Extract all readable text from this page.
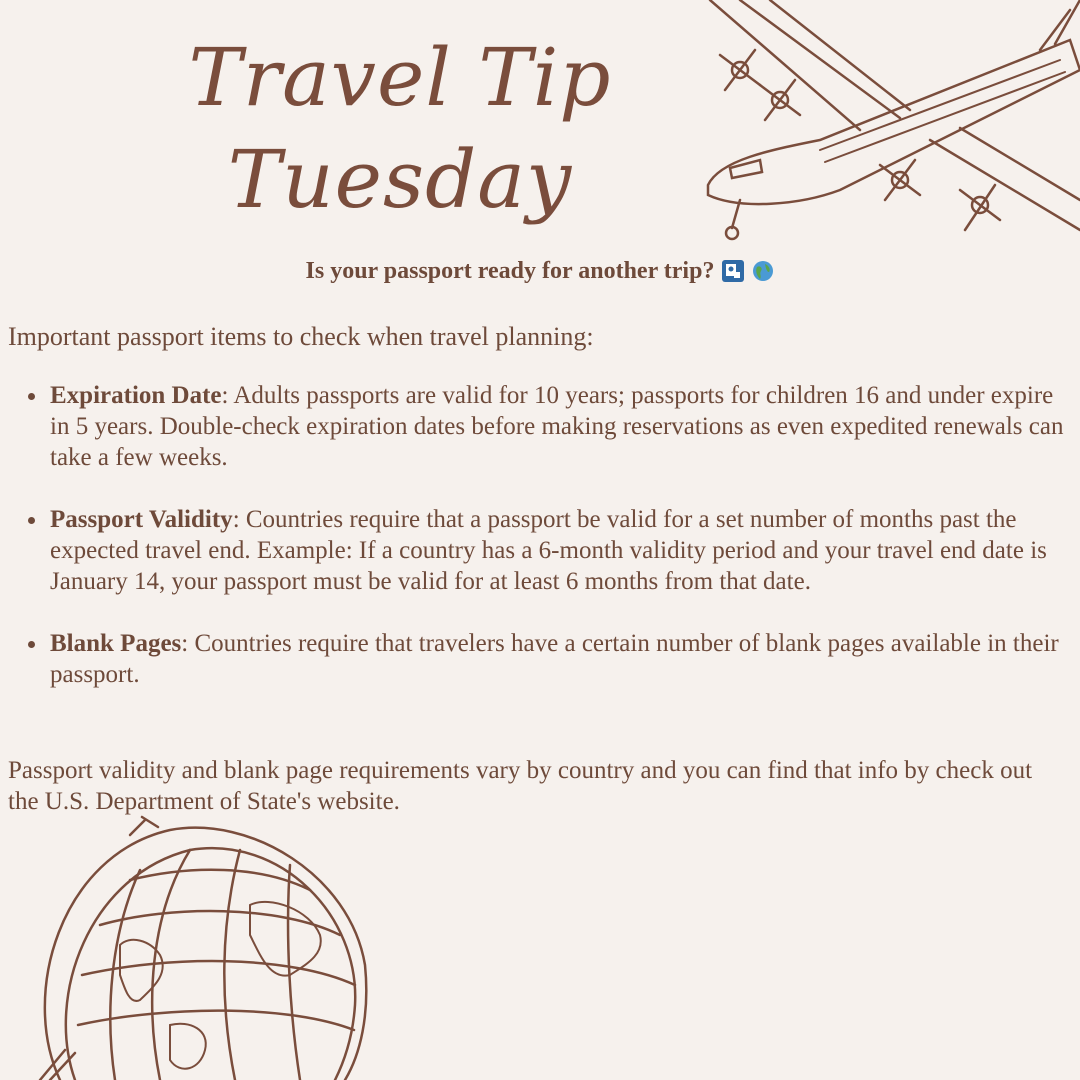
Travel Tip
Tuesday
Is your passport ready for another trip?
Important passport items to check when travel planning:
Expiration Date: Adults passports are valid for 10 years; passports for children 16 and under expire in 5 years. Double-check expiration dates before making reservations as even expedited renewals can take a few weeks.
Passport Validity: Countries require that a passport be valid for a set number of months past the expected travel end. Example: If a country has a 6-month validity period and your travel end date is January 14, your passport must be valid for at least 6 months from that date.
Blank Pages: Countries require that travelers have a certain number of blank pages available in their passport.
Passport validity and blank page requirements vary by country and you can find that info by check out the U.S. Department of State's website.
